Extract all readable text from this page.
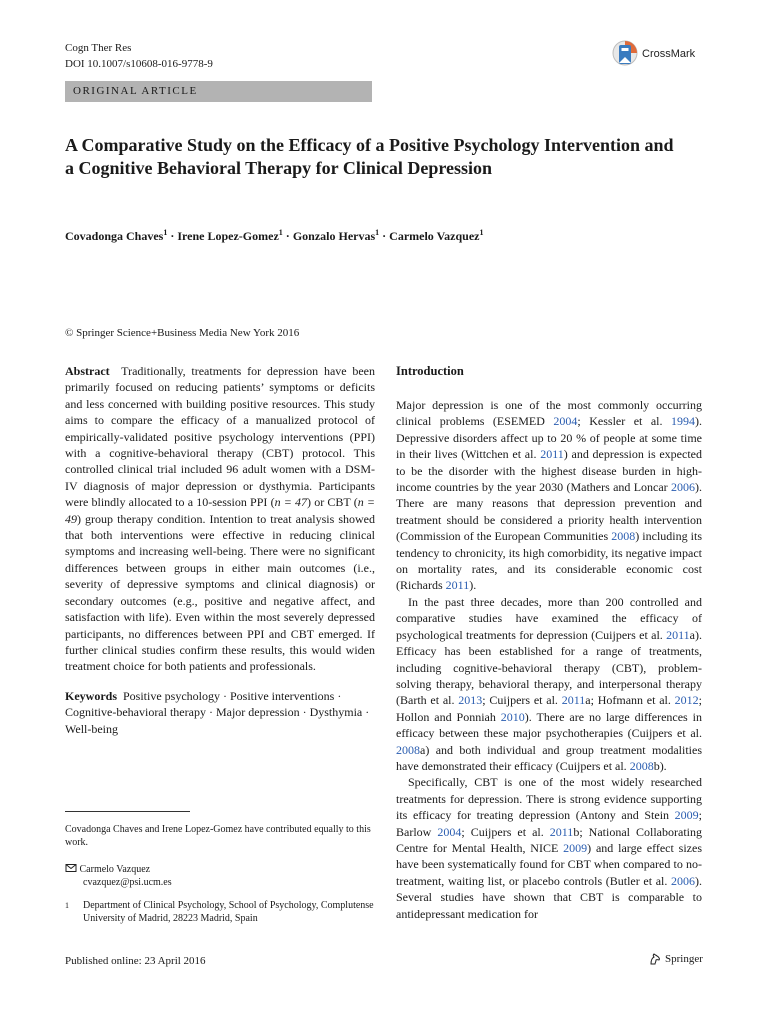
Cogn Ther Res
DOI 10.1007/s10608-016-9778-9
CrossMark
ORIGINAL ARTICLE
A Comparative Study on the Efficacy of a Positive Psychology Intervention and a Cognitive Behavioral Therapy for Clinical Depression
Covadonga Chaves$^1$ · Irene Lopez-Gomez$^1$ · Gonzalo Hervas$^1$ · Carmelo Vazquez$^1$
© Springer Science+Business Media New York 2016

Abstract Traditionally, treatments for depression have been primarily focused on reducing patients’ symptoms or deficits and less concerned with building positive resources. This study aims to compare the efficacy of a manualized protocol of empirically-validated positive psychology interventions (PPI) with a cognitive-behavioral therapy (CBT) protocol. This controlled clinical trial included 96 adult women with a DSM-IV diagnosis of major depression or dysthymia. Participants were blindly allocated to a 10-session PPI (n = 47) or CBT (n = 49) group therapy condition. Intention to treat analysis showed that both interventions were effective in reducing clinical symptoms and increasing well-being. There were no significant differences between groups in either main outcomes (i.e., severity of depressive symptoms and clinical diagnosis) or secondary outcomes (e.g., positive and negative affect, and satisfaction with life). Even within the most severely depressed participants, no differences between PPI and CBT emerged. If further clinical studies confirm these results, this would widen treatment choice for both patients and professionals.

Keywords Positive psychology · Positive interventions · Cognitive-behavioral therapy · Major depression · Dysthymia · Well-being

Introduction

Major depression is one of the most commonly occurring clinical problems (ESEMED 2004; Kessler et al. 1994). Depressive disorders affect up to 20 % of people at some time in their lives (Wittchen et al. 2011) and depression is expected to be the disorder with the highest disease burden in high-income countries by the year 2030 (Mathers and Loncar 2006). There are many reasons that depression prevention and treatment should be considered a priority health intervention (Commission of the European Communities 2008) including its tendency to chronicity, its high comorbidity, its negative impact on mortality rates, and its considerable economic cost (Richards 2011).

In the past three decades, more than 200 controlled and comparative studies have examined the efficacy of psychological treatments for depression (Cuijpers et al. 2011a). Efficacy has been established for a range of treatments, including cognitive-behavioral therapy (CBT), problem-solving therapy, behavioral therapy, and interpersonal therapy (Barth et al. 2013; Cuijpers et al. 2011a; Hofmann et al. 2012; Hollon and Ponniah 2010). There are no large differences in efficacy between these major psychotherapies (Cuijpers et al. 2008a) and both individual and group treatment modalities have demonstrated their efficacy (Cuijpers et al. 2008b).

Specifically, CBT is one of the most widely researched treatments for depression. There is strong evidence supporting its efficacy for treating depression (Antony and Stein 2009; Barlow 2004; Cuijpers et al. 2011b; National Collaborating Centre for Mental Health, NICE 2009) and large effect sizes have been systematically found for CBT when compared to no-treatment, waiting list, or placebo controls (Butler et al. 2006). Several studies have shown that CBT is comparable to antidepressant medication for

Covadonga Chaves and Irene Lopez-Gomez have contributed equally to this work.
Carmelo Vazquez
cvazquez@psi.ucm.es
1 Department of Clinical Psychology, School of Psychology, Complutense University of Madrid, 28223 Madrid, Spain
Published online: 23 April 2016	Springer
